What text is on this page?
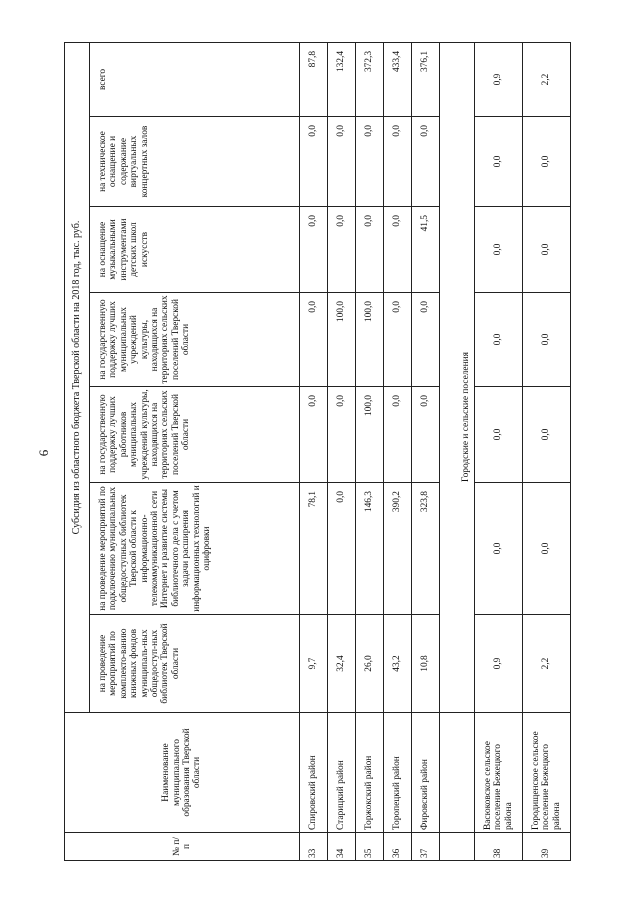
6
№ п/п	Наименование муниципального образования Тверской области	Субсидия из областного бюджета Тверской области на 2018 год, тыс. руб.						
		на проведение мероприятий по комплекто-ванию книжных фондов муниципаль-ных общедоступ-ных библиотек Тверской области	на проведение мероприятий по подключению муниципальных общедоступных библиотек Тверской области к информационно-телекоммуникационной сети Интернет и развитие системы библиотечного дела с учетом задачи расширения информационных технологий и оцифровки	на государственную поддержку лучших работников муниципальных учреждений культуры, находящихся на территориях сельских поселений Тверской области	на государственную поддержку лучших муниципальных учреждений культуры, находящихся на территориях сельских поселений Тверской области	на оснащение музыкальными инструментами детских школ искусств	на техническое оснащение и содержание виртуальных концертных залов	всего
33	Спировский район	9,7	78,1	0,0	0,0	0,0	0,0	87,8
34	Старицкий район	32,4	0,0	0,0	100,0	0,0	0,0	132,4
35	Торжокский район	26,0	146,3	100,0	100,0	0,0	0,0	372,3
36	Торопецкий район	43,2	390,2	0,0	0,0	0,0	0,0	433,4
37	Фировский район	10,8	323,8	0,0	0,0	41,5	0,0	376,1
		Городские и сельские поселения						
38	Васюковское сельское поселение Бежецкого района	0,9	0,0	0,0	0,0	0,0	0,0	0,9
39	Городищенское сельское поселение Бежецкого района	2,2	0,0	0,0	0,0	0,0	0,0	2,2
